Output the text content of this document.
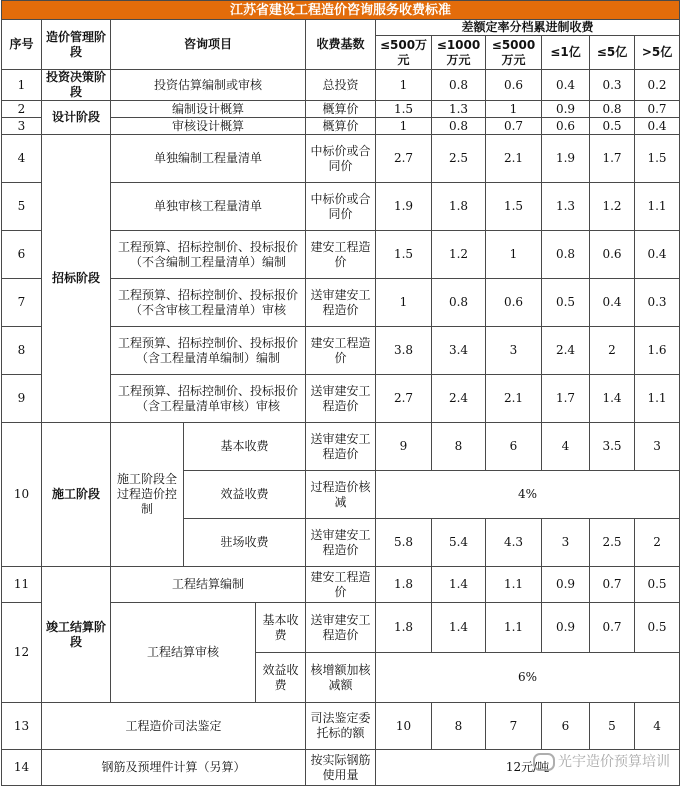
江苏省建设工程造价咨询服务收费标准											
序号	造价管理阶段	咨询项目			收费基数	差额定率分档累进制收费					
						≤500万元	≤1000万元	≤5000万元	≤1亿	≤5亿	>5亿
1	投资决策阶段	投资估算编制或审核			总投资	1	0.8	0.6	0.4	0.3	0.2
2	设计阶段	编制设计概算			概算价	1.5	1.3	1	0.9	0.8	0.7
3		审核设计概算			概算价	1	0.8	0.7	0.6	0.5	0.4
4	招标阶段	单独编制工程量清单			中标价或合同价	2.7	2.5	2.1	1.9	1.7	1.5
5		单独审核工程量清单			中标价或合同价	1.9	1.8	1.5	1.3	1.2	1.1
6		工程预算、招标控制价、投标报价（不含编制工程量清单）编制			建安工程造价	1.5	1.2	1	0.8	0.6	0.4
7		工程预算、招标控制价、投标报价（不含审核工程量清单）审核			送审建安工程造价	1	0.8	0.6	0.5	0.4	0.3
8		工程预算、招标控制价、投标报价（含工程量清单编制）编制			建安工程造价	3.8	3.4	3	2.4	2	1.6
9		工程预算、招标控制价、投标报价（含工程量清单审核）审核			送审建安工程造价	2.7	2.4	2.1	1.7	1.4	1.1
10	施工阶段	施工阶段全过程造价控制	基本收费		送审建安工程造价	9	8	6	4	3.5	3
			效益收费		过程造价核减	4%					
			驻场收费		送审建安工程造价	5.8	5.4	4.3	3	2.5	2
11	竣工结算阶段	工程结算编制			建安工程造价	1.8	1.4	1.1	0.9	0.7	0.5
12		工程结算审核		基本收费	送审建安工程造价	1.8	1.4	1.1	0.9	0.7	0.5
				效益收费	核增额加核减额	6%					
13	工程造价司法鉴定				司法鉴定委托标的额	10	8	7	6	5	4
14	钢筋及预埋件计算（另算）				按实际钢筋使用量	12元/吨					光宇造价预算培训
